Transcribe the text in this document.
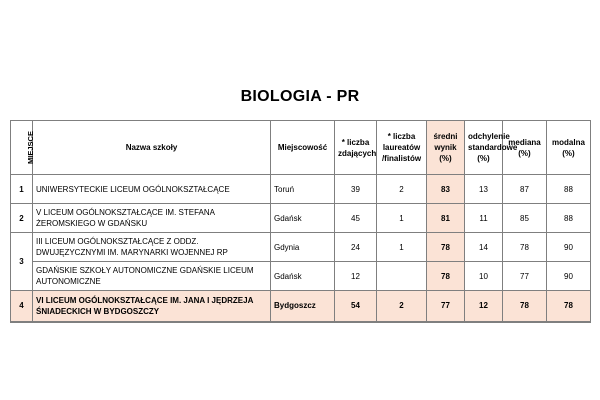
BIOLOGIA - PR
MIEJSCE	Nazwa szkoły	Miejscowość	* liczba zdających	* liczba laureatów /finalistów	średni wynik (%)	odchylenie standardowe (%)	mediana (%)	modalna (%)
1	UNIWERSYTECKIE LICEUM OGÓLNOKSZTAŁCĄCE	Toruń	39	2	83	13	87	88
2	V LICEUM OGÓLNOKSZTAŁCĄCE IM. STEFANA ŻEROMSKIEGO W GDAŃSKU	Gdańsk	45	1	81	11	85	88
3	III LICEUM OGÓLNOKSZTAŁCĄCE Z ODDZ. DWUJĘZYCZNYMI IM. MARYNARKI WOJENNEJ RP	Gdynia	24	1	78	14	78	90
	GDAŃSKIE SZKOŁY AUTONOMICZNE GDAŃSKIE LICEUM AUTONOMICZNE	Gdańsk	12		78	10	77	90
4	VI LICEUM OGÓLNOKSZTAŁCĄCE IM. JANA I JĘDRZEJA ŚNIADECKICH W BYDGOSZCZY	Bydgoszcz	54	2	77	12	78	78
